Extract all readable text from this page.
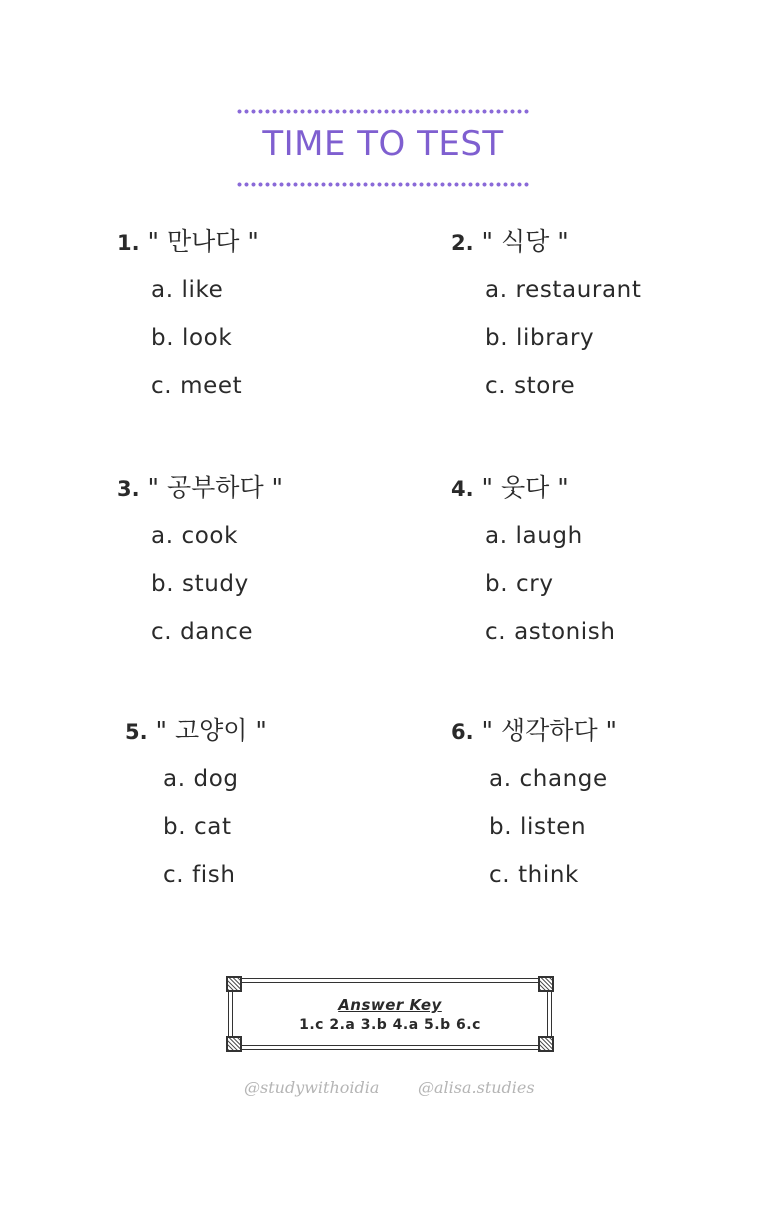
TIME TO TEST
1. " 만나다 "
a. like
b. look
c. meet
2. " 식당 "
a. restaurant
b. library
c. store
3. " 공부하다 "
a. cook
b. study
c. dance
4. " 웃다 "
a. laugh
b. cry
c. astonish
5. " 고양이 "
a. dog
b. cat
c. fish
6. " 생각하다 "
a. change
b. listen
c. think
Answer Key
1.c 2.a 3.b 4.a 5.b 6.c
@studywithoidia @alisa.studies
